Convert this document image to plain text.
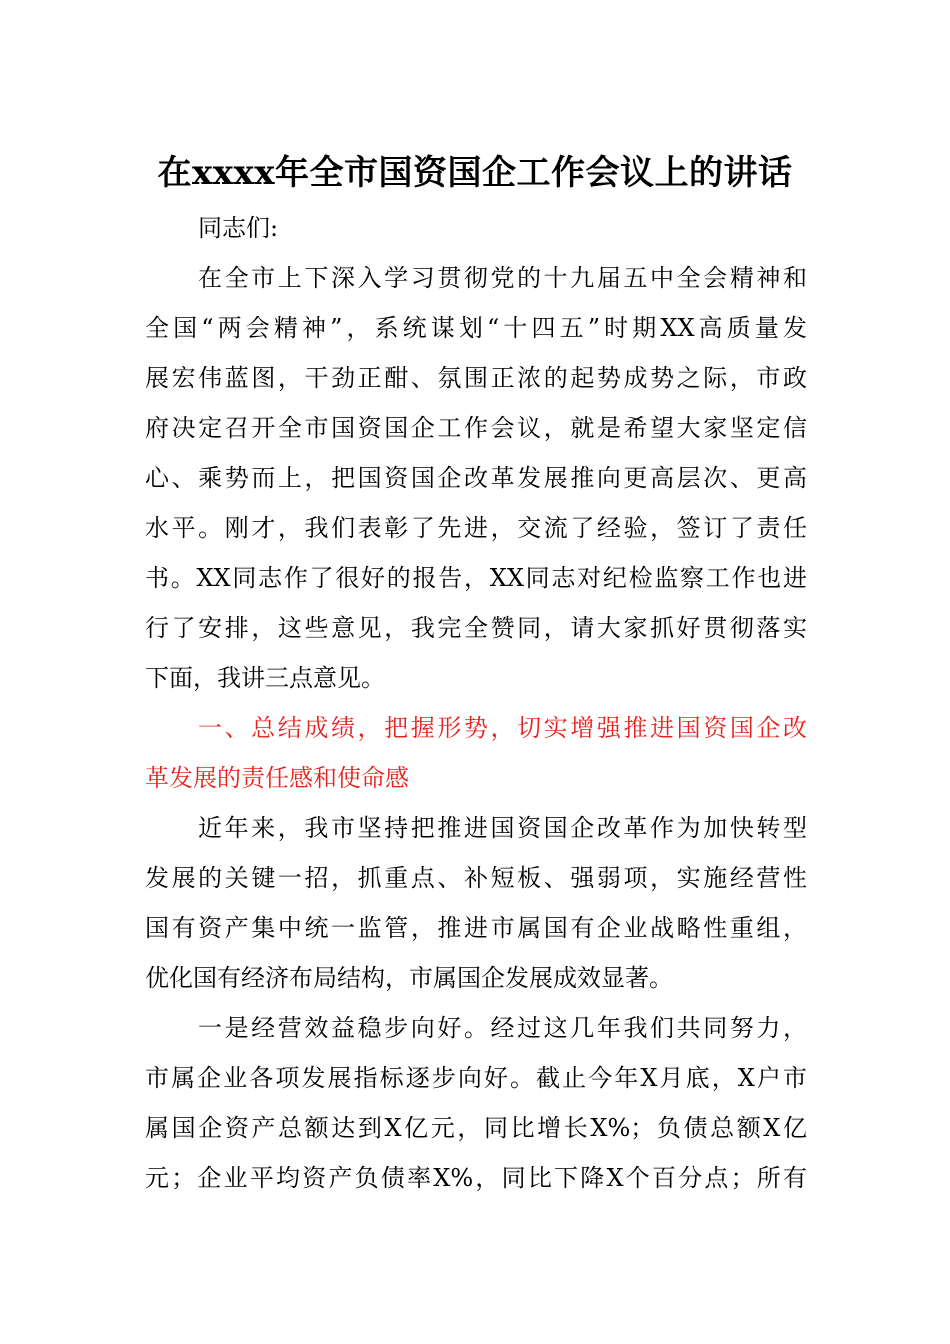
在xxxx年全市国资国企工作会议上的讲话
同志们:
在全市上下深入学习贯彻党的十九届五中全会精神和
全国“两会精神”，系统谋划“十四五”时期XX高质量发
展宏伟蓝图，干劲正酣、氛围正浓的起势成势之际，市政
府决定召开全市国资国企工作会议，就是希望大家坚定信
心、乘势而上，把国资国企改革发展推向更高层次、更高
水平。刚才，我们表彰了先进，交流了经验，签订了责任
书。XX同志作了很好的报告，XX同志对纪检监察工作也进
行了安排，这些意见，我完全赞同，请大家抓好贯彻落实
下面，我讲三点意见。
一、总结成绩，把握形势，切实增强推进国资国企改
革发展的责任感和使命感
近年来，我市坚持把推进国资国企改革作为加快转型
发展的关键一招，抓重点、补短板、强弱项，实施经营性
国有资产集中统一监管，推进市属国有企业战略性重组，
优化国有经济布局结构，市属国企发展成效显著。
一是经营效益稳步向好。经过这几年我们共同努力，
市属企业各项发展指标逐步向好。截止今年X月底，X户市
属国企资产总额达到X亿元，同比增长X%；负债总额X亿
元；企业平均资产负债率X%，同比下降X个百分点；所有
